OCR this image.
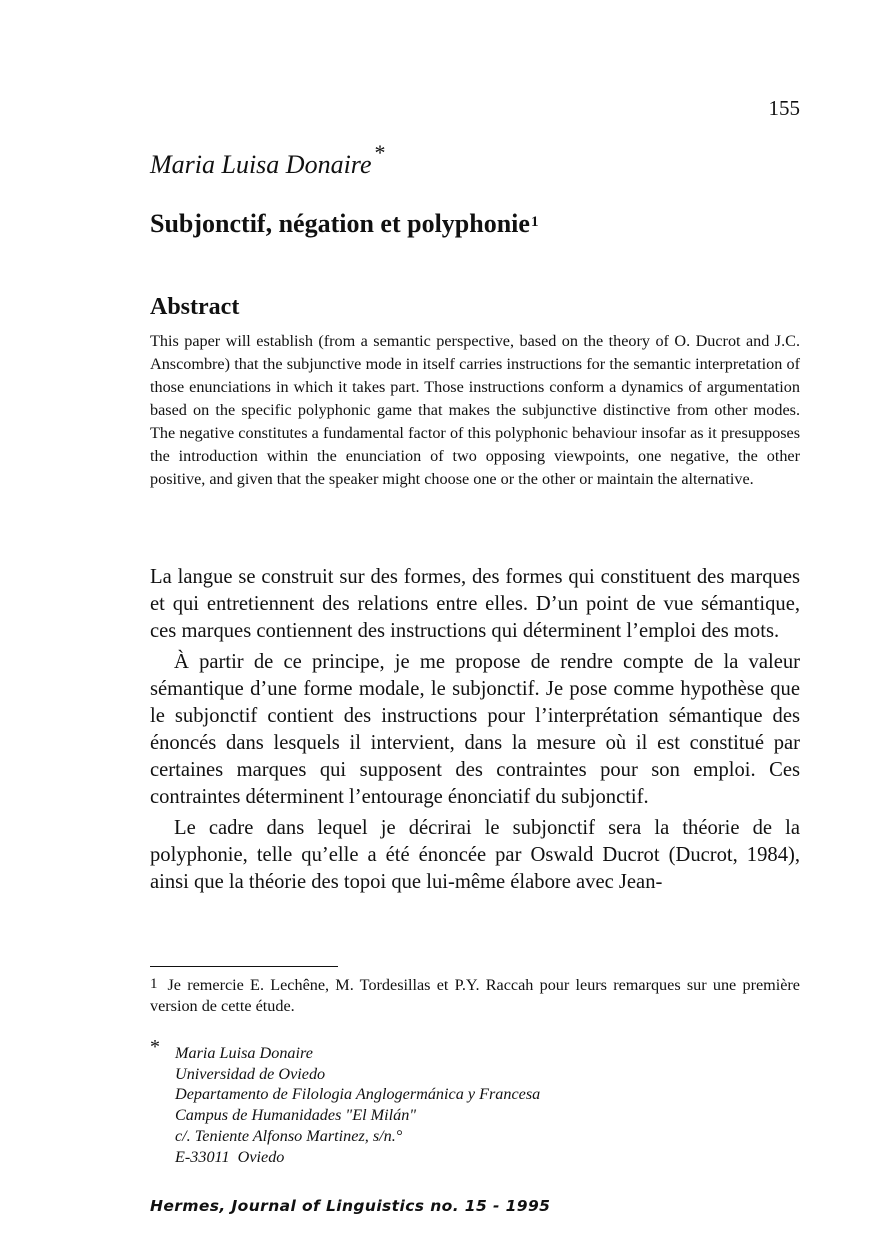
155
Maria Luisa Donaire *
Subjonctif, négation et polyphonie$^1$
Abstract
This paper will establish (from a semantic perspective, based on the theory of O. Ducrot and J.C. Anscombre) that the subjunctive mode in itself carries instructions for the semantic interpretation of those enunciations in which it takes part. Those instructions conform a dynamics of argumentation based on the specific polyphonic game that makes the subjunctive distinctive from other modes. The negative constitutes a fundamental factor of this polyphonic behaviour insofar as it presupposes the introduction within the enunciation of two opposing viewpoints, one negative, the other positive, and given that the speaker might choose one or the other or maintain the alternative.

La langue se construit sur des formes, des formes qui constituent des marques et qui entretiennent des relations entre elles. D’un point de vue sémantique, ces marques contiennent des instructions qui déterminent l’emploi des mots.

À partir de ce principe, je me propose de rendre compte de la valeur sémantique d’une forme modale, le subjonctif. Je pose comme hypothèse que le subjonctif contient des instructions pour l’interprétation sémantique des énoncés dans lesquels il intervient, dans la mesure où il est constitué par certaines marques qui supposent des contraintes pour son emploi. Ces contraintes déterminent l’entourage énonciatif du subjonctif.

Le cadre dans lequel je décrirai le subjonctif sera la théorie de la polyphonie, telle qu’elle a été énoncée par Oswald Ducrot (Ducrot, 1984), ainsi que la théorie des topoi que lui-même élabore avec Jean-

1 Je remercie E. Lechêne, M. Tordesillas et P.Y. Raccah pour leurs remarques sur une première version de cette étude.
* Maria Luisa Donaire
Universidad de Oviedo
Departamento de Filologia Anglogermánica y Francesa
Campus de Humanidades "El Milán"
c/. Teniente Alfonso Martinez, s/n.°
E-33011  Oviedo
Hermes, Journal of Linguistics no. 15 - 1995
